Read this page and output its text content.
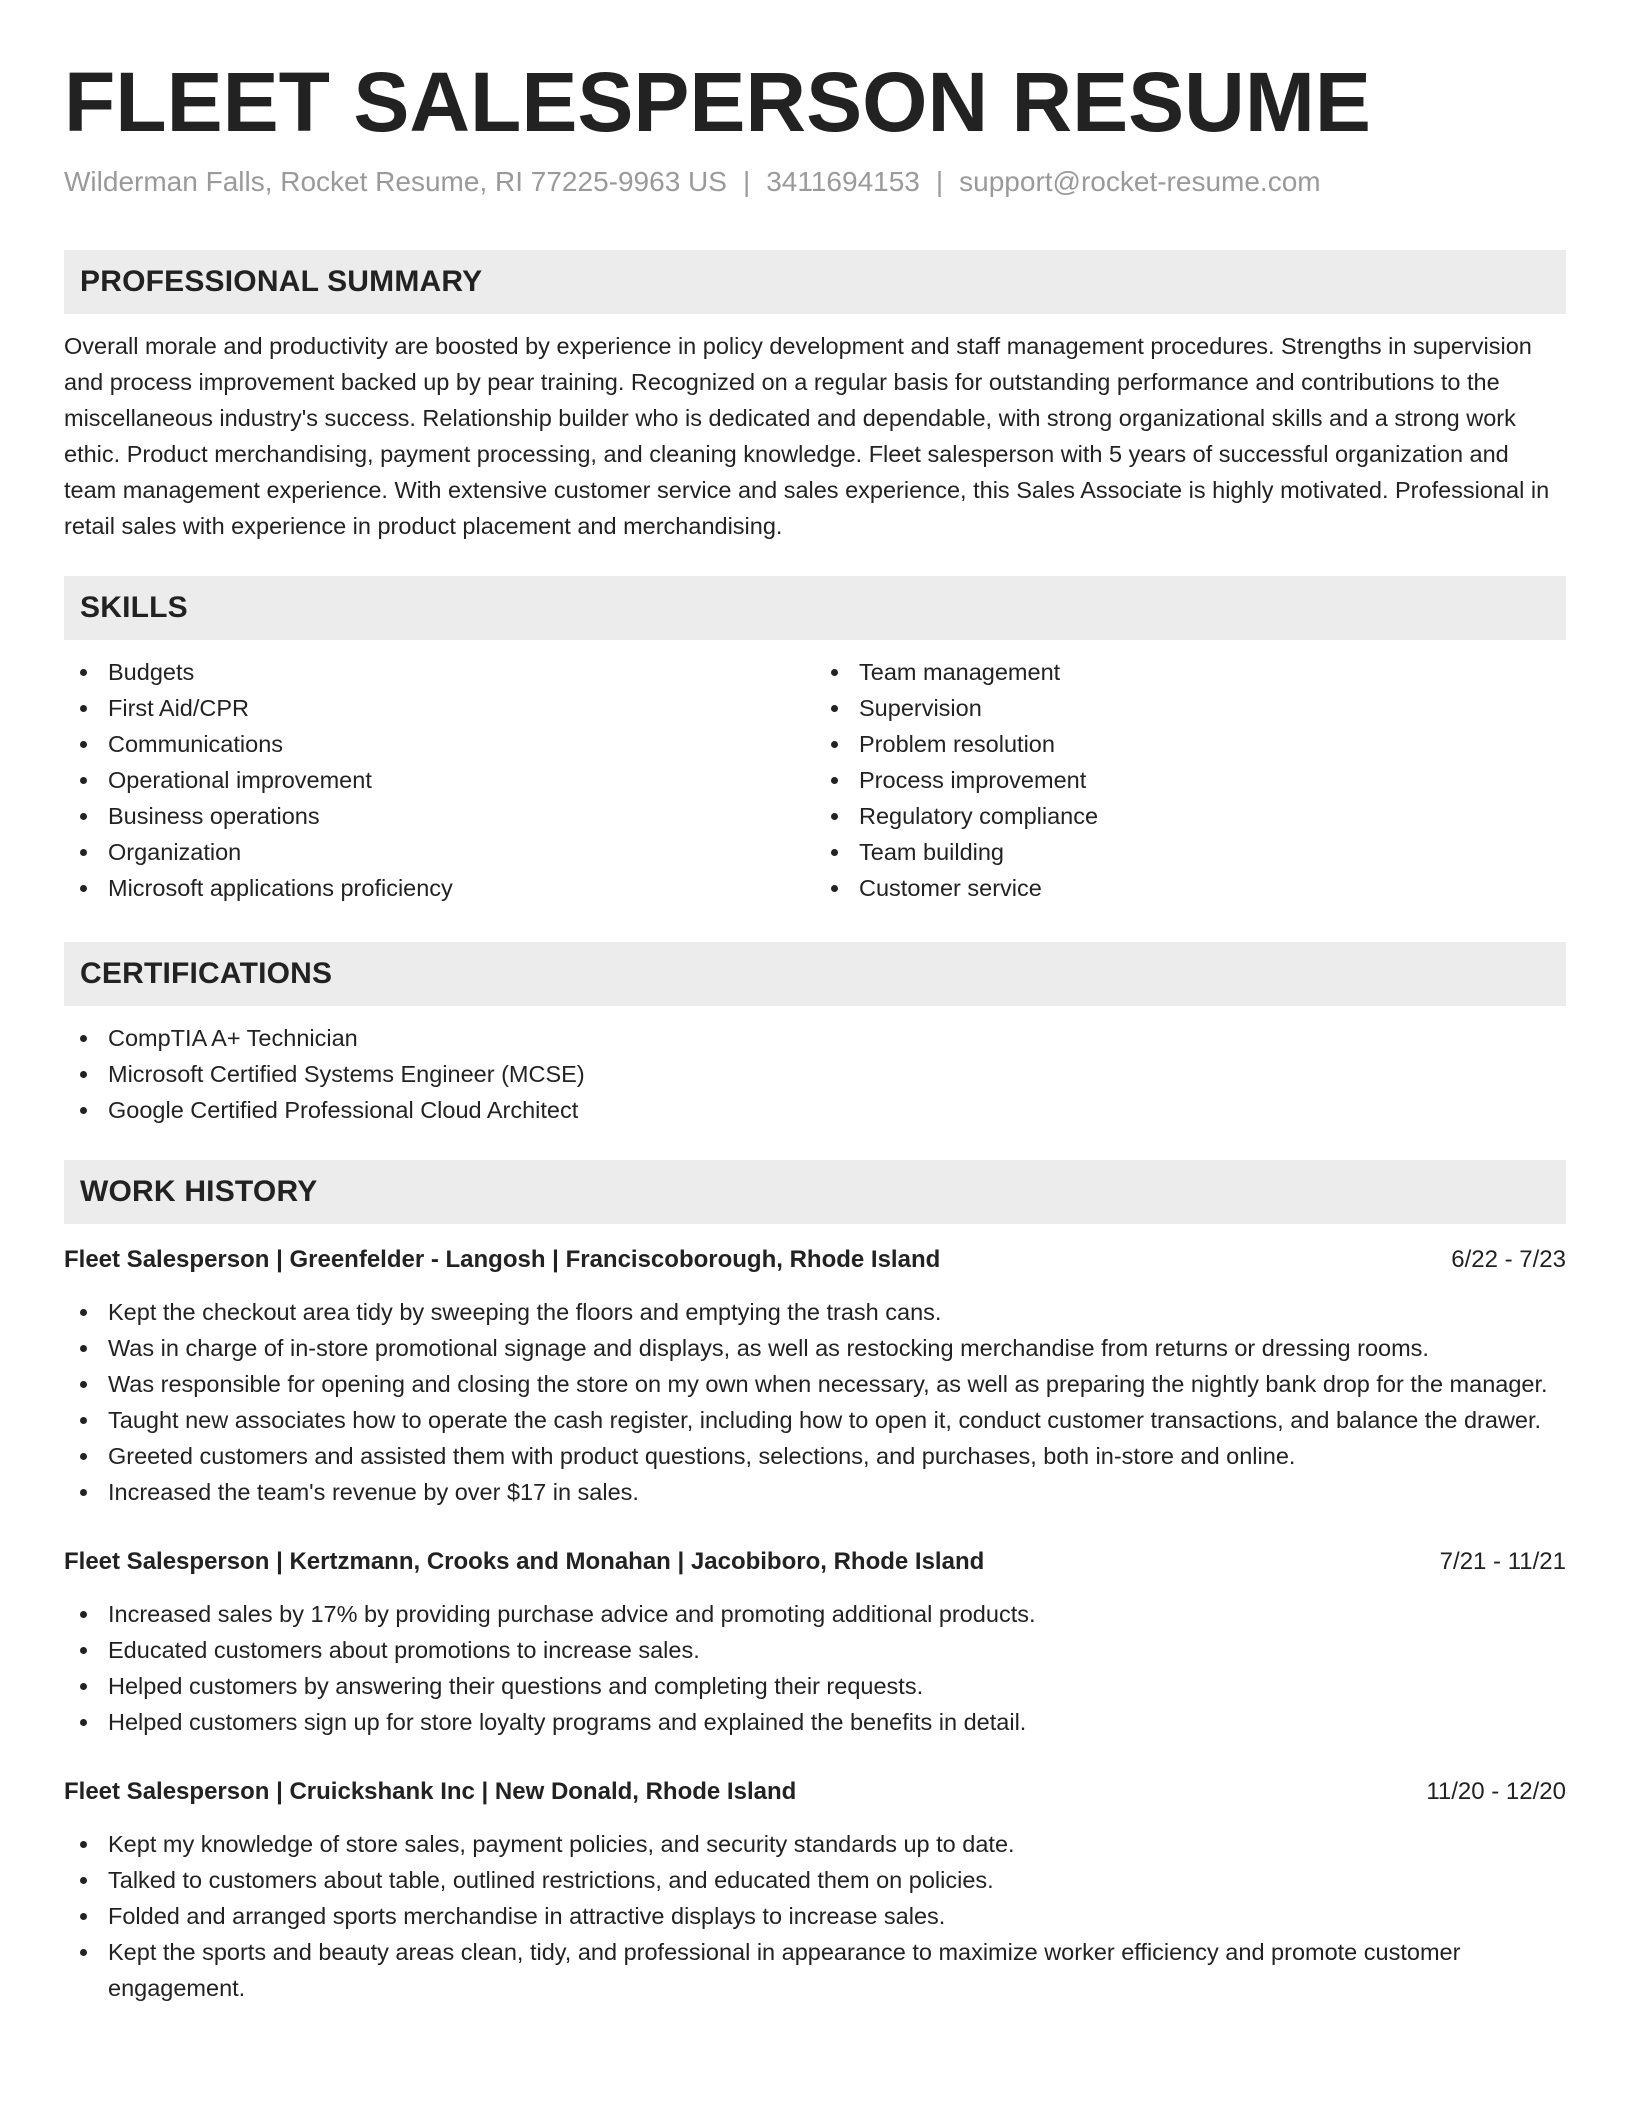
FLEET SALESPERSON RESUME
Wilderman Falls, Rocket Resume, RI 77225-9963 US | 3411694153 | support@rocket-resume.com
PROFESSIONAL SUMMARY
Overall morale and productivity are boosted by experience in policy development and staff management procedures. Strengths in supervision and process improvement backed up by pear training. Recognized on a regular basis for outstanding performance and contributions to the miscellaneous industry's success. Relationship builder who is dedicated and dependable, with strong organizational skills and a strong work ethic. Product merchandising, payment processing, and cleaning knowledge. Fleet salesperson with 5 years of successful organization and team management experience. With extensive customer service and sales experience, this Sales Associate is highly motivated. Professional in retail sales with experience in product placement and merchandising.
SKILLS
Budgets
First Aid/CPR
Communications
Operational improvement
Business operations
Organization
Microsoft applications proficiency
Team management
Supervision
Problem resolution
Process improvement
Regulatory compliance
Team building
Customer service
CERTIFICATIONS
CompTIA A+ Technician
Microsoft Certified Systems Engineer (MCSE)
Google Certified Professional Cloud Architect
WORK HISTORY
Fleet Salesperson | Greenfelder - Langosh | Franciscoborough, Rhode Island	6/22 - 7/23
Kept the checkout area tidy by sweeping the floors and emptying the trash cans.
Was in charge of in-store promotional signage and displays, as well as restocking merchandise from returns or dressing rooms.
Was responsible for opening and closing the store on my own when necessary, as well as preparing the nightly bank drop for the manager.
Taught new associates how to operate the cash register, including how to open it, conduct customer transactions, and balance the drawer.
Greeted customers and assisted them with product questions, selections, and purchases, both in-store and online.
Increased the team's revenue by over $17 in sales.
Fleet Salesperson | Kertzmann, Crooks and Monahan | Jacobiboro, Rhode Island	7/21 - 11/21
Increased sales by 17% by providing purchase advice and promoting additional products.
Educated customers about promotions to increase sales.
Helped customers by answering their questions and completing their requests.
Helped customers sign up for store loyalty programs and explained the benefits in detail.
Fleet Salesperson | Cruickshank Inc | New Donald, Rhode Island	11/20 - 12/20
Kept my knowledge of store sales, payment policies, and security standards up to date.
Talked to customers about table, outlined restrictions, and educated them on policies.
Folded and arranged sports merchandise in attractive displays to increase sales.
Kept the sports and beauty areas clean, tidy, and professional in appearance to maximize worker efficiency and promote customer engagement.
